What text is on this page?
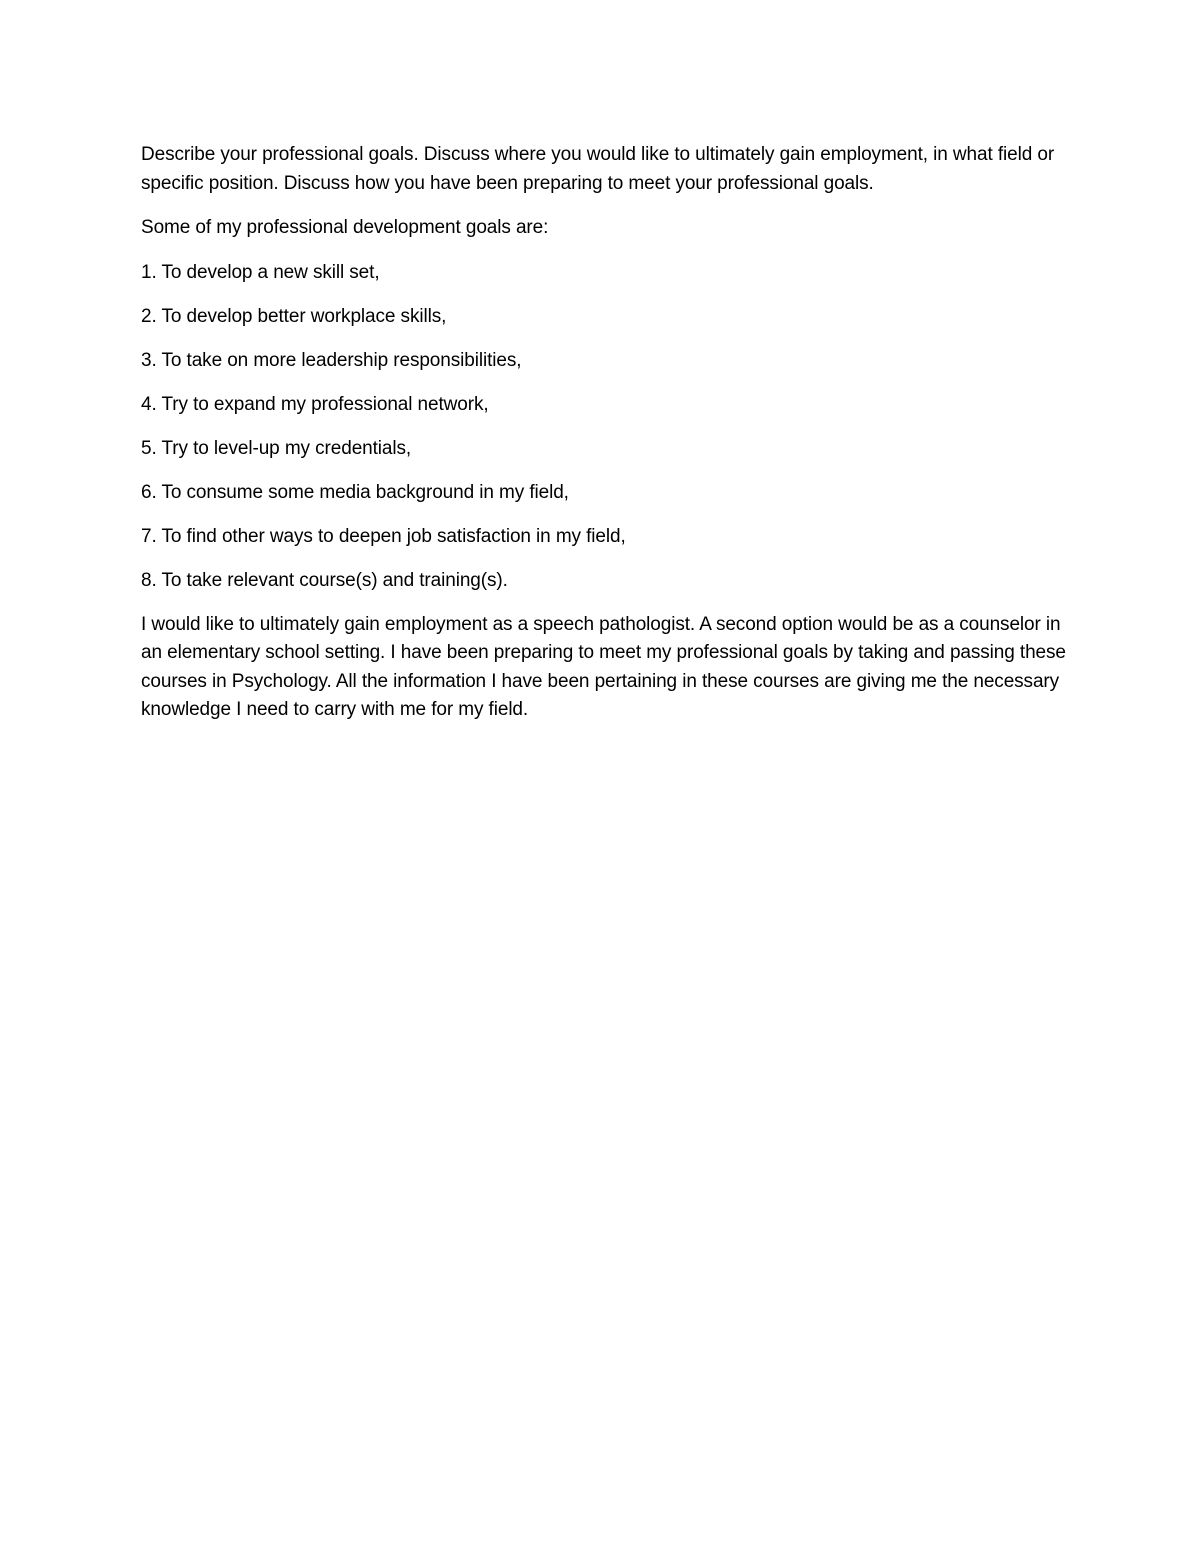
Describe your professional goals. Discuss where you would like to ultimately gain employment, in what field or specific position. Discuss how you have been preparing to meet your professional goals.

Some of my professional development goals are:

1. To develop a new skill set,
2. To develop better workplace skills,
3. To take on more leadership responsibilities,
4. Try to expand my professional network,
5. Try to level-up my credentials,
6. To consume some media background in my field,
7. To find other ways to deepen job satisfaction in my field,
8. To take relevant course(s) and training(s).

I would like to ultimately gain employment as a speech pathologist. A second option would be as a counselor in an elementary school setting. I have been preparing to meet my professional goals by taking and passing these courses in Psychology. All the information I have been pertaining in these courses are giving me the necessary knowledge I need to carry with me for my field.
